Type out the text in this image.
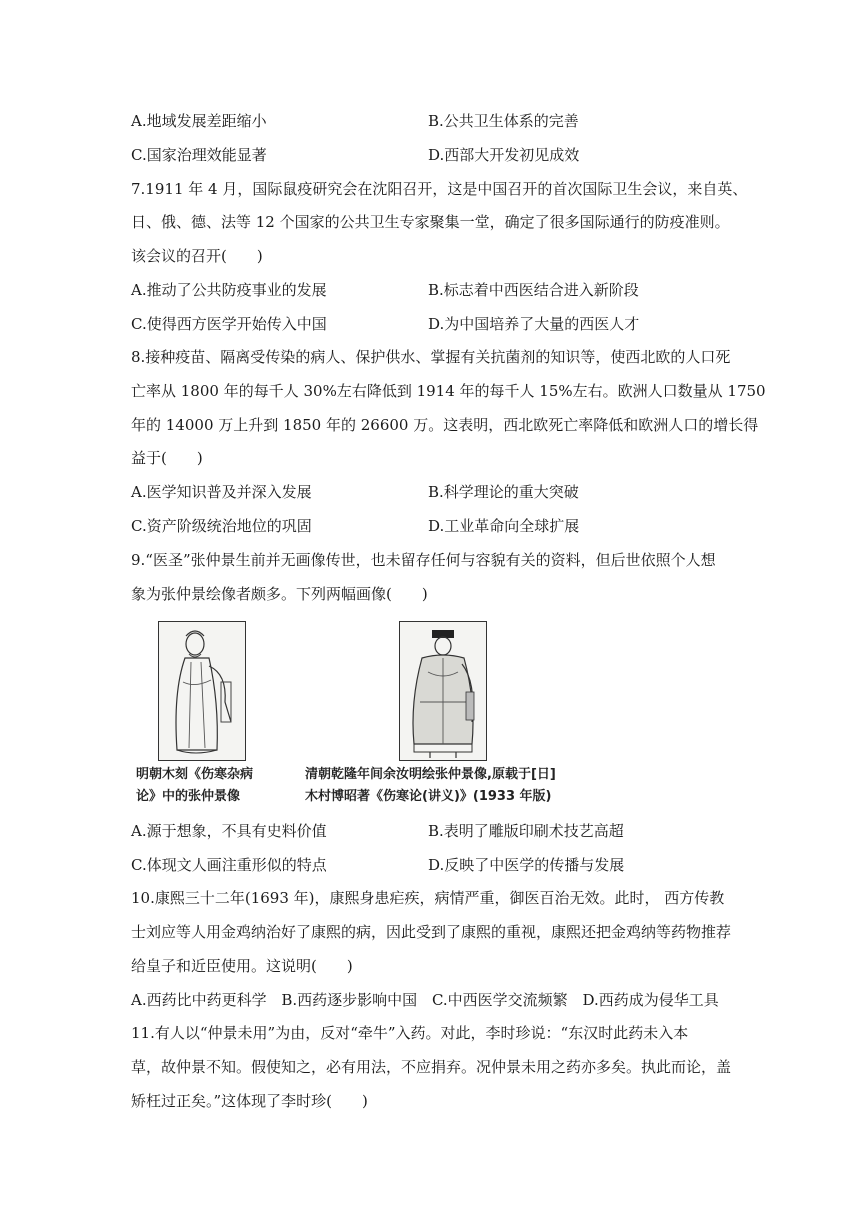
A.地域发展差距缩小	B.公共卫生体系的完善
C.国家治理效能显著	D.西部大开发初见成效
7.1911 年 4 月，国际鼠疫研究会在沈阳召开，这是中国召开的首次国际卫生会议，来自英、
日、俄、德、法等 12 个国家的公共卫生专家聚集一堂，确定了很多国际通行的防疫准则。
该会议的召开(　　)
A.推动了公共防疫事业的发展	B.标志着中西医结合进入新阶段
C.使得西方医学开始传入中国	D.为中国培养了大量的西医人才
8.接种疫苗、隔离受传染的病人、保护供水、掌握有关抗菌剂的知识等，使西北欧的人口死
亡率从 1800 年的每千人 30%左右降低到 1914 年的每千人 15%左右。欧洲人口数量从 1750
年的 14000 万上升到 1850 年的 26600 万。这表明，西北欧死亡率降低和欧洲人口的增长得
益于(　　)
A.医学知识普及并深入发展	B.科学理论的重大突破
C.资产阶级统治地位的巩固	D.工业革命向全球扩展
9.“医圣”张仲景生前并无画像传世，也未留存任何与容貌有关的资料，但后世依照个人想
象为张仲景绘像者颇多。下列两幅画像(　　)
明朝木刻《伤寒杂病
论》中的张仲景像
清朝乾隆年间余汝明绘张仲景像,原载于[日]
木村博昭著《伤寒论(讲义)》(1933 年版)
A.源于想象，不具有史料价值	B.表明了雕版印刷术技艺高超
C.体现文人画注重形似的特点	D.反映了中医学的传播与发展
10.康熙三十二年(1693 年)，康熙身患疟疾，病情严重，御医百治无效。此时， 西方传教
士刘应等人用金鸡纳治好了康熙的病，因此受到了康熙的重视，康熙还把金鸡纳等药物推荐
给皇子和近臣使用。这说明(　　)
A.西药比中药更科学 B.西药逐步影响中国 C.中西医学交流频繁 D.西药成为侵华工具
11.有人以“仲景未用”为由，反对“牵牛”入药。对此，李时珍说：“东汉时此药未入本
草，故仲景不知。假使知之，必有用法，不应捐弃。况仲景未用之药亦多矣。执此而论，盖
矫枉过正矣。”这体现了李时珍(　　)
